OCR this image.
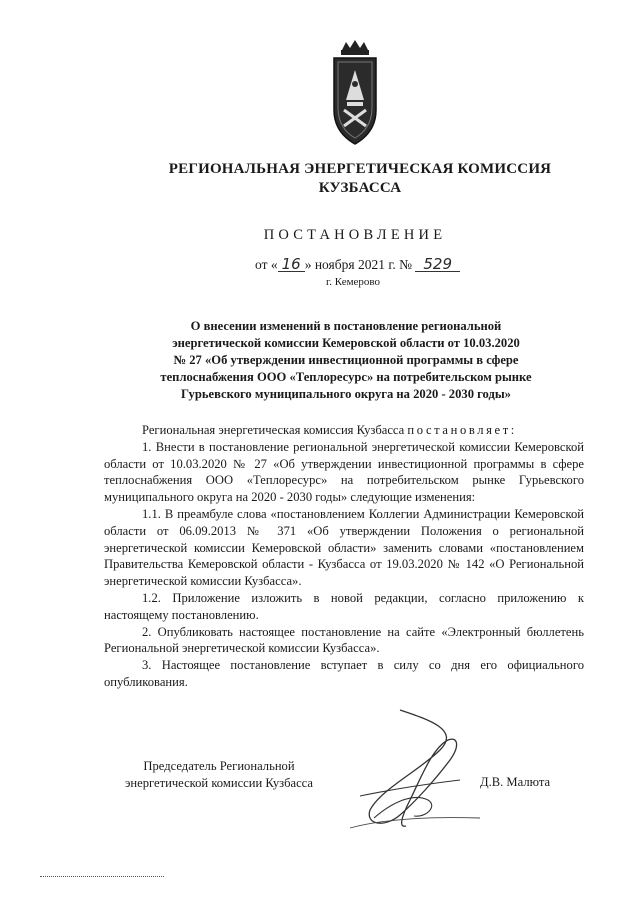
РЕГИОНАЛЬНАЯ ЭНЕРГЕТИЧЕСКАЯ КОМИССИЯ
КУЗБАССА
ПОСТАНОВЛЕНИЕ
от « 16 » ноября 2021 г. № 529
г. Кемерово
О внесении изменений в постановление региональной
энергетической комиссии Кемеровской области от 10.03.2020
№ 27 «Об утверждении инвестиционной программы в сфере
теплоснабжения ООО «Теплоресурс» на потребительском рынке
Гурьевского муниципального округа на 2020 - 2030 годы»

Региональная энергетическая комиссия Кузбасса постановляет:

1. Внести в постановление региональной энергетической комиссии Кемеровской области от 10.03.2020 № 27 «Об утверждении инвестиционной программы в сфере теплоснабжения ООО «Теплоресурс» на потребительском рынке Гурьевского муниципального округа на 2020 - 2030 годы» следующие изменения:

1.1. В преамбуле слова «постановлением Коллегии Администрации Кемеровской области от 06.09.2013 № 371 «Об утверждении Положения о региональной энергетической комиссии Кемеровской области» заменить словами «постановлением Правительства Кемеровской области - Кузбасса от 19.03.2020 № 142 «О Региональной энергетической комиссии Кузбасса».

1.2. Приложение изложить в новой редакции, согласно приложению к настоящему постановлению.

2. Опубликовать настоящее постановление на сайте «Электронный бюллетень Региональной энергетической комиссии Кузбасса».

3. Настоящее постановление вступает в силу со дня его официального опубликования.

Председатель Региональной
энергетической комиссии Кузбасса	Д.В. Малюта
